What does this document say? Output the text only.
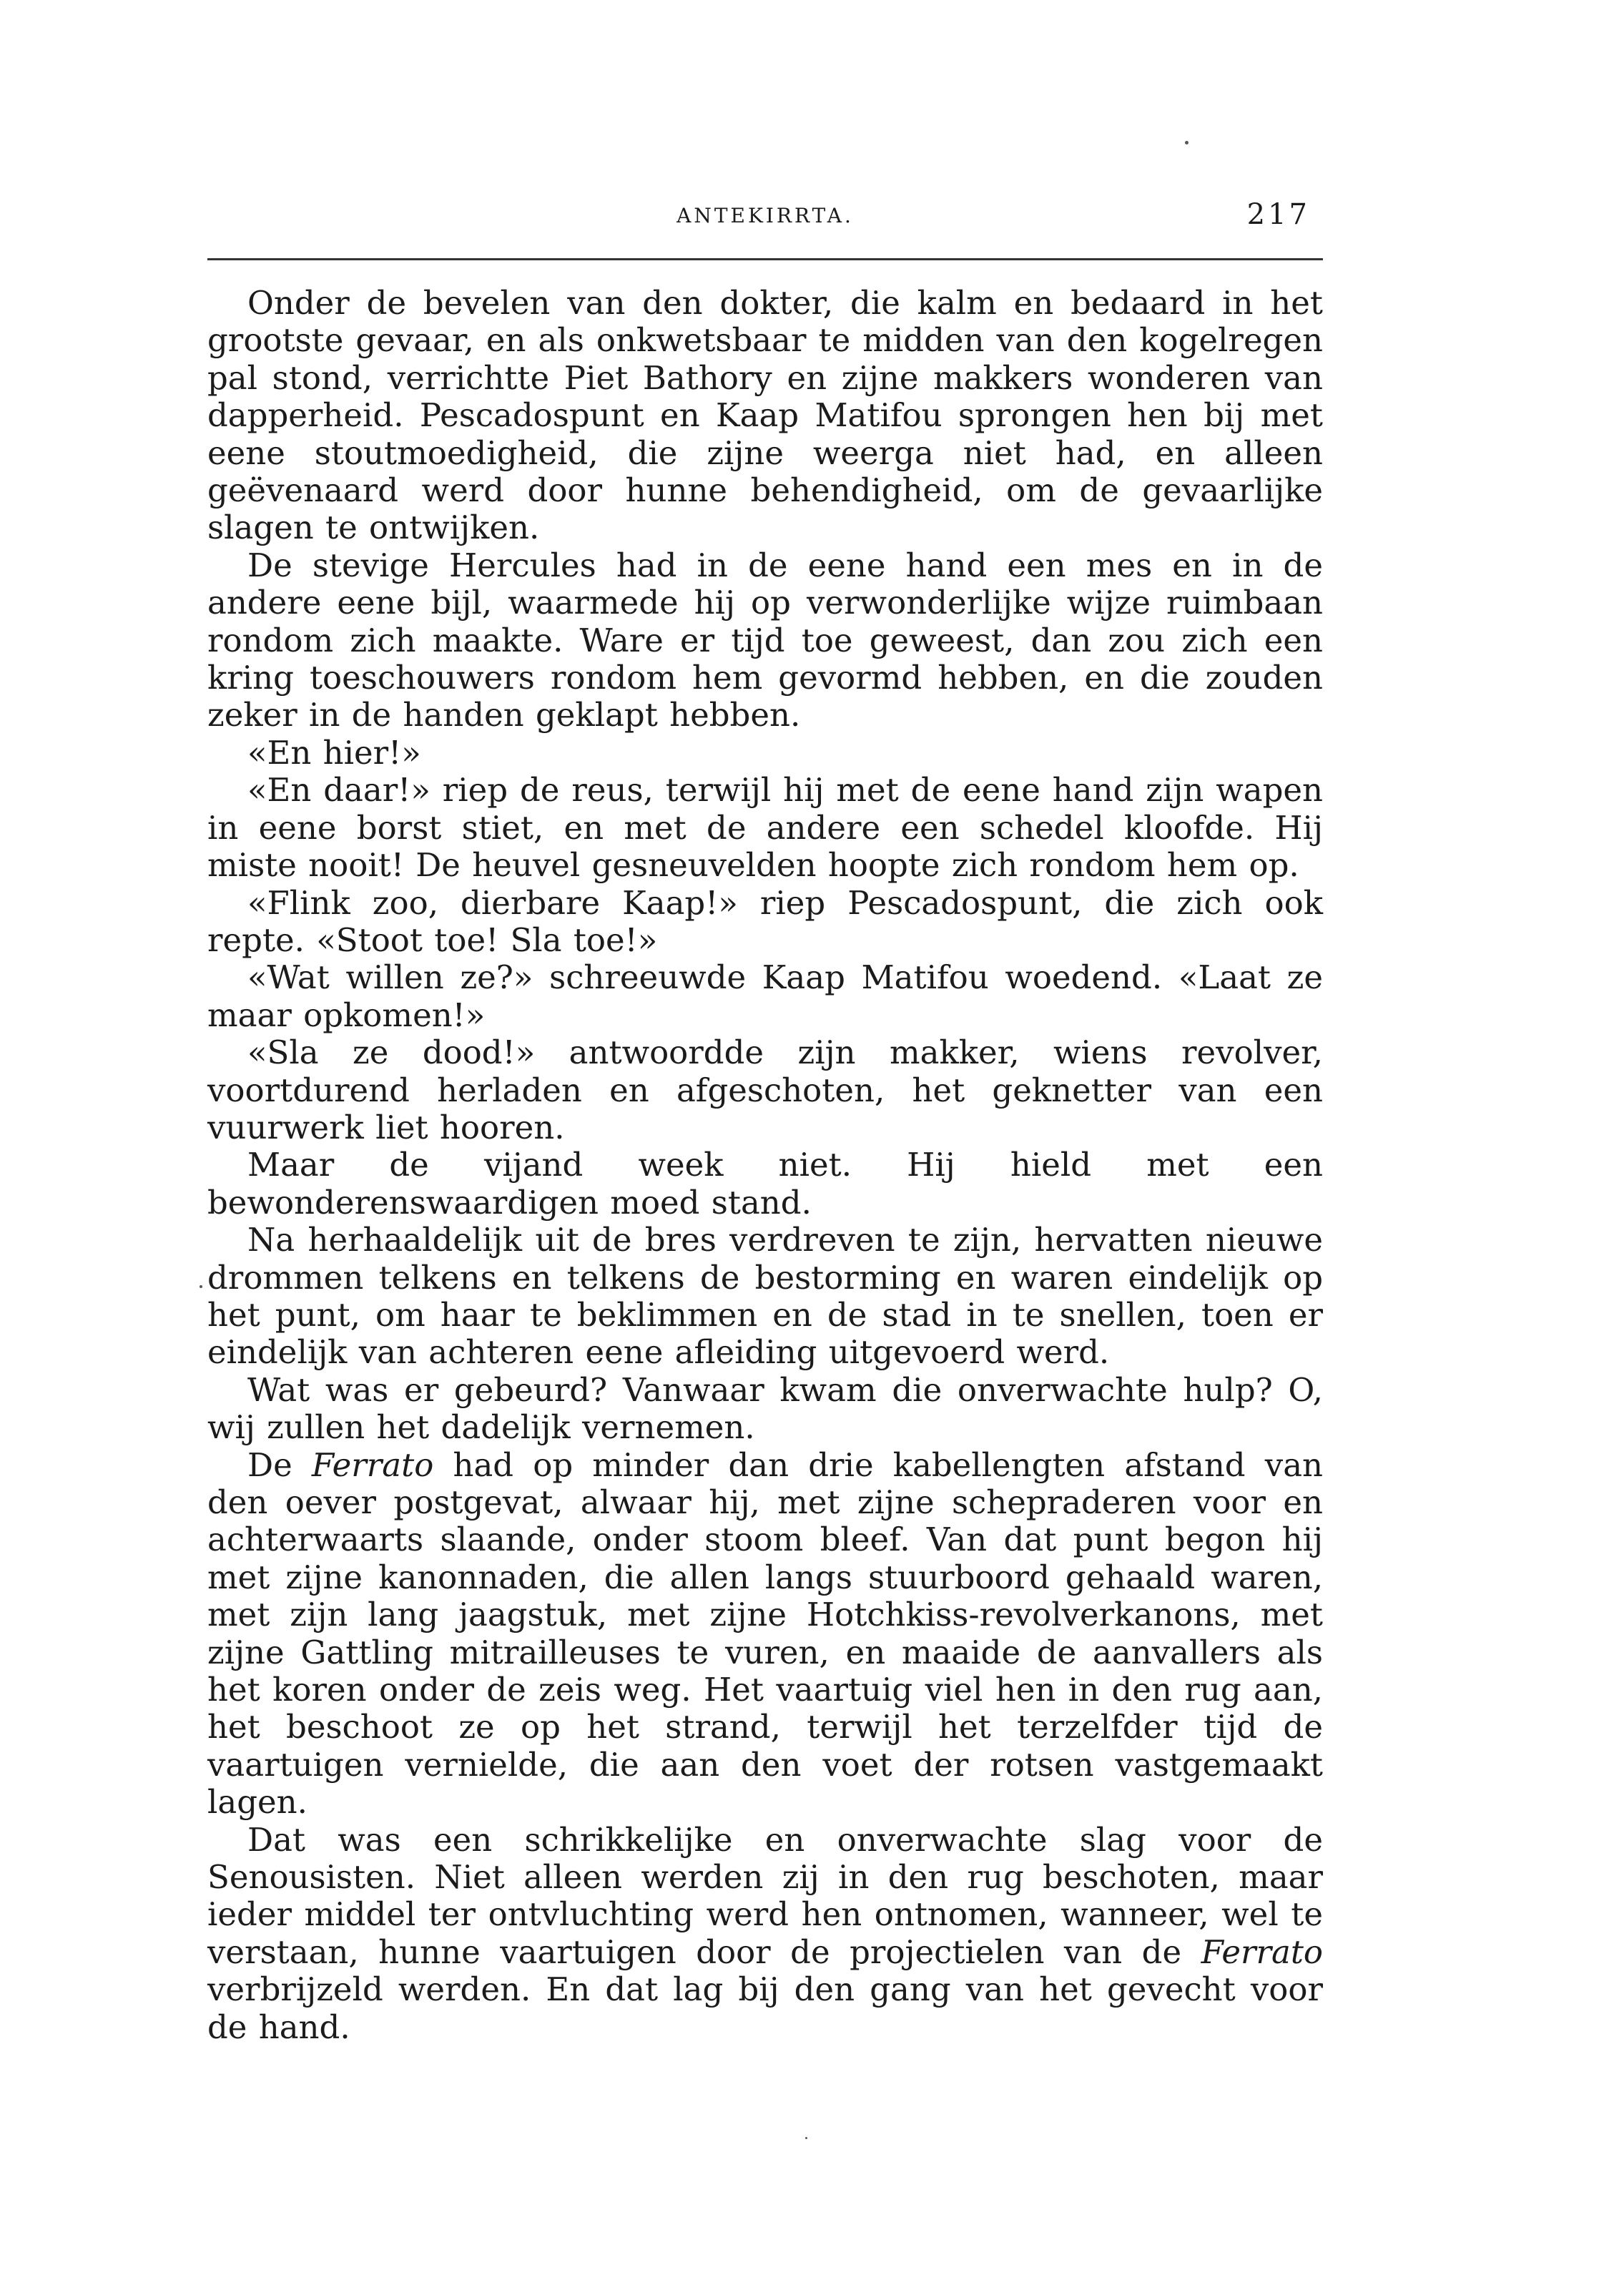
ANTEKIRRTA.	217

Onder de bevelen van den dokter, die kalm en bedaard in het grootste gevaar, en als onkwetsbaar te midden van den kogelregen pal stond, verrichtte Piet Bathory en zijne makkers wonderen van dapperheid. Pescadospunt en Kaap Matifou sprongen hen bij met eene stoutmoedigheid, die zijne weerga niet had, en alleen geëvenaard werd door hunne behendigheid, om de gevaarlijke slagen te ontwijken.

De stevige Hercules had in de eene hand een mes en in de andere eene bijl, waarmede hij op verwonderlijke wijze ruimbaan rondom zich maakte. Ware er tijd toe geweest, dan zou zich een kring toeschouwers rondom hem gevormd hebben, en die zouden zeker in de handen geklapt hebben.

«En hier!»

«En daar!» riep de reus, terwijl hij met de eene hand zijn wapen in eene borst stiet, en met de andere een schedel kloofde. Hij miste nooit! De heuvel gesneuvelden hoopte zich rondom hem op.

«Flink zoo, dierbare Kaap!» riep Pescadospunt, die zich ook repte. «Stoot toe! Sla toe!»

«Wat willen ze?» schreeuwde Kaap Matifou woedend. «Laat ze maar opkomen!»

«Sla ze dood!» antwoordde zijn makker, wiens revolver, voortdurend herladen en afgeschoten, het geknetter van een vuurwerk liet hooren.

Maar de vijand week niet. Hij hield met een bewonderenswaardigen moed stand.

Na herhaaldelijk uit de bres verdreven te zijn, hervatten nieuwe drommen telkens en telkens de bestorming en waren eindelijk op het punt, om haar te beklimmen en de stad in te snellen, toen er eindelijk van achteren eene afleiding uitgevoerd werd.

Wat was er gebeurd? Vanwaar kwam die onverwachte hulp? O, wij zullen het dadelijk vernemen.

De Ferrato had op minder dan drie kabellengten afstand van den oever postgevat, alwaar hij, met zijne schepraderen voor en achterwaarts slaande, onder stoom bleef. Van dat punt begon hij met zijne kanonnaden, die allen langs stuurboord gehaald waren, met zijn lang jaagstuk, met zijne Hotchkiss-revolverkanons, met zijne Gattling mitrailleuses te vuren, en maaide de aanvallers als het koren onder de zeis weg. Het vaartuig viel hen in den rug aan, het beschoot ze op het strand, terwijl het terzelfder tijd de vaartuigen vernielde, die aan den voet der rotsen vastgemaakt lagen.

Dat was een schrikkelijke en onverwachte slag voor de Senousisten. Niet alleen werden zij in den rug beschoten, maar ieder middel ter ontvluchting werd hen ontnomen, wanneer, wel te verstaan, hunne vaartuigen door de projectielen van de Ferrato verbrijzeld werden. En dat lag bij den gang van het gevecht voor de hand.
